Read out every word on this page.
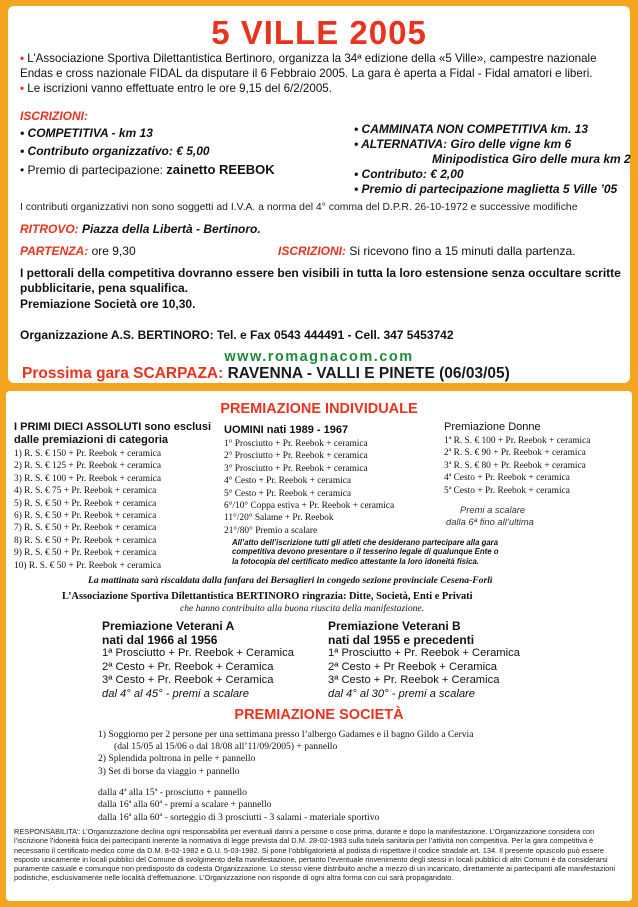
5 VILLE 2005
• L’Associazione Sportiva Dilettantistica Bertinoro, organizza la 34ª edizione della «5 Ville», campestre nazionale Endas e cross nazionale FIDAL da disputare il 6 Febbraio 2005. La gara è aperta a Fidal - Fidal amatori e liberi.
• Le iscrizioni vanno effettuate entro le ore 9,15 del 6/2/2005.
ISCRIZIONI:
• COMPETITIVA - km 13
• Contributo organizzativo: € 5,00
• Premio di partecipazione: zainetto REEBOK
• CAMMINATA NON COMPETITIVA km. 13
• ALTERNATIVA: Giro delle vigne km 6
Minipodistica Giro delle mura km 2
• Contributo: € 2,00
• Premio di partecipazione maglietta 5 Ville ’05
I contributi organizzativi non sono soggetti ad I.V.A. a norma del 4° comma del D.P.R. 26-10-1972 e successive modifiche
RITROVO: Piazza della Libertà - Bertinoro.
PARTENZA: ore 9,30	ISCRIZIONI: Si ricevono fino a 15 minuti dalla partenza.
I pettorali della competitiva dovranno essere ben visibili in tutta la loro estensione senza occultare scritte
pubblicitarie, pena squalifica.
Premiazione Società ore 10,30.
Organizzazione A.S. BERTINORO: Tel. e Fax 0543 444491 - Cell. 347 5453742
www.romagnacom.com
Prossima gara SCARPAZA: RAVENNA - VALLI E PINETE (06/03/05)
PREMIAZIONE INDIVIDUALE
I PRIMI DIECI ASSOLUTI sono esclusi
dalle premiazioni di categoria
1) R. S. € 150 + Pr. Reebok + ceramica
2) R. S. € 125 + Pr. Reebok + ceramica
3) R. S. € 100 + Pr. Reebok + ceramica
4) R. S. € 75 + Pr. Reebok + ceramica
5) R. S. € 50 + Pr. Reebok + ceramica
6) R. S. € 50 + Pr. Reebok + ceramica
7) R. S. € 50 + Pr. Reebok + ceramica
8) R. S. € 50 + Pr. Reebok + ceramica
9) R. S. € 50 + Pr. Reebok + ceramica
10) R. S. € 50 + Pr. Reebok + ceramica
UOMINI nati 1989 - 1967
1° Prosciutto + Pr. Reebok + ceramica
2° Prosciutto + Pr. Reebok + ceramica
3° Prosciutto + Pr. Reebok + ceramica
4° Cesto + Pr. Reebok + ceramica
5° Cesto + Pr. Reebok + ceramica
6°/10° Coppa estiva + Pr. Reebok + ceramica
11°/20° Salame + Pr. Reebok
21°/80° Premio a scalare
Premiazione Donne
1ª R. S. € 100 + Pr. Reebok + ceramica
2ª R. S. € 90 + Pr. Reebok + ceramica
3ª R. S. € 80 + Pr. Reebok + ceramica
4ª Cesto + Pr. Reebok + ceramica
5ª Cesto + Pr. Reebok + ceramica
Premi a scalare
dalla 6ª fino all’ultima
All’atto dell’iscrizione tutti gli atleti che desiderano partecipare alla gara
competitiva devono presentare o il tesserino legale di qualunque Ente o
la fotocopia del certificato medico attestante la loro idoneità fisica.
La mattinata sarà riscaldata dalla fanfara dei Bersaglieri in congedo sezione provinciale Cesena-Forlì
L’Associazione Sportiva Dilettantistica BERTINORO ringrazia: Ditte, Società, Enti e Privati
che hanno contribuito alla buona riuscita della manifestazione.
Premiazione Veterani A
nati dal 1966 al 1956
1ª Prosciutto + Pr. Reebok + Ceramica
2ª Cesto + Pr. Reebok + Ceramica
3ª Cesto + Pr. Reebok + Ceramica
dal 4° al 45° - premi a scalare
Premiazione Veterani B
nati dal 1955 e precedenti
1ª Prosciutto + Pr. Reebok + Ceramica
2ª Cesto + Pr Reebok + Ceramica
3ª Cesto + Pr. Reebok + Ceramica
dal 4° al 30° - premi a scalare
PREMIAZIONE SOCIETÀ
1) Soggiorno per 2 persone per una settimana presso l’albergo Gadames e il bagno Gildo a Cervia
(dal 15/05 al 15/06 o dal 18/08 all’11/09/2005) + pannello
2) Splendida poltrona in pelle + pannello
3) Set di borse da viaggio + pannello
dalla 4ª alla 15ª - prosciutto + pannello
dalla 16ª alla 60ª - premi a scalare + pannello
dalla 16ª alla 60ª - sorteggio di 3 prosciutti - 3 salami - materiale sportivo
RESPONSABILITA’: L’Organizzazione declina ogni responsabilità per eventuali danni a persone o cose prima, durante e dopo la manifestazione. L’Organizzazione considera con l’iscrizione l’idoneità fisica dei partecipanti inerente la normativa di legge prevista dal D.M. 28-02-1983 sulla tutela sanitaria per l’attività non competitiva. Per la gara competitiva è necessario il certificato medico come da D.M. 8-02-1982 e G.U. 5-03-1982. Si pone l’obbligatorietà al podista di rispettare il codice stradale art. 134. Il presente opuscolo può essere esposto unicamente in locali pubblici del Comune di svolgimento della manifestazione, pertanto l’eventuale rinvenimento degli stessi in locali pubblici di altri Comuni è da considerarsi puramente casuale e comunque non predisposto da codesta Organizzazione. Lo stesso viene distribuito anche a mezzo di un incaricato, direttamente ai partecipanti alle manifestazioni podistiche, esclusivamente nelle località d’effettuazione. L’Organizzazione non risponde di ogni altra forma con cui sarà propagandato.
